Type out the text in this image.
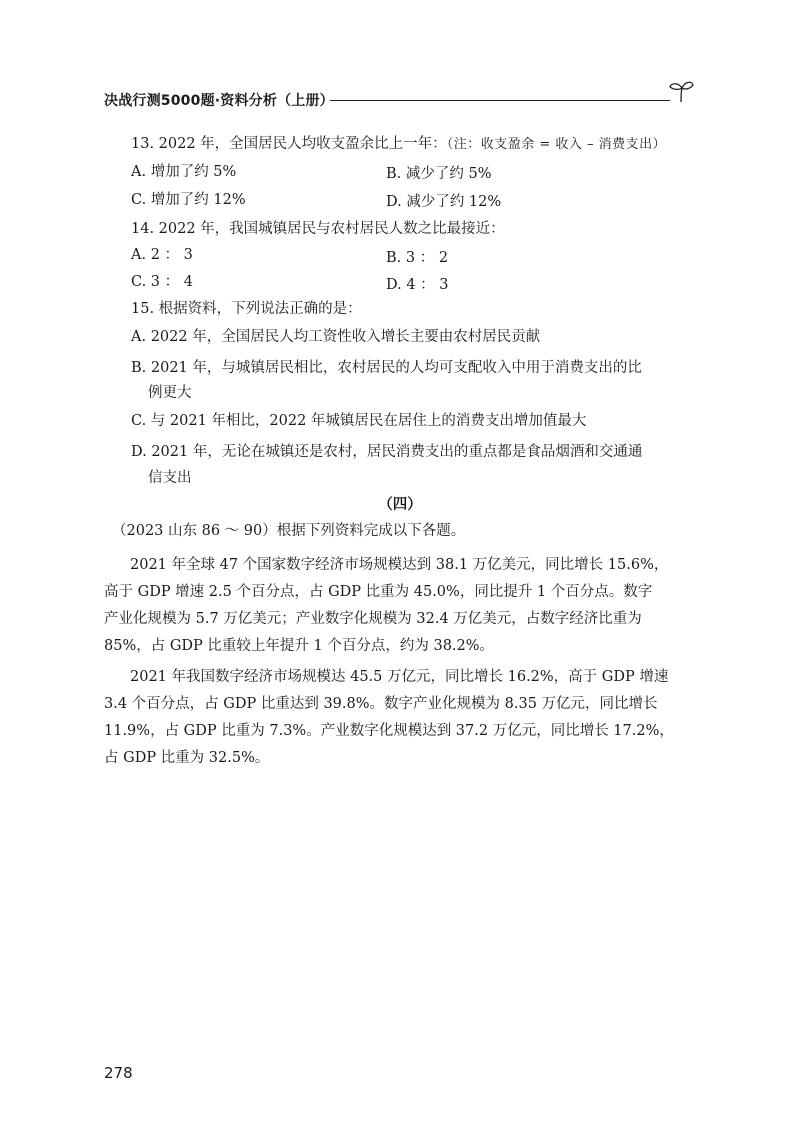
决战行测5000题·资料分析（上册）
13. 2022 年，全国居民人均收支盈余比上一年：（注：收支盈余 = 收入 – 消费支出）
A. 增加了约 5%	B. 减少了约 5%
C. 增加了约 12%	D. 减少了约 12%
14. 2022 年，我国城镇居民与农村居民人数之比最接近：
A. 2 ： 3	B. 3 ： 2
C. 3 ： 4	D. 4 ： 3
15. 根据资料，下列说法正确的是：
A. 2022 年，全国居民人均工资性收入增长主要由农村居民贡献
B. 2021 年，与城镇居民相比，农村居民的人均可支配收入中用于消费支出的比
例更大
C. 与 2021 年相比，2022 年城镇居民在居住上的消费支出增加值最大
D. 2021 年，无论在城镇还是农村，居民消费支出的重点都是食品烟酒和交通通
信支出
（四）
（2023 山东 86 ～ 90）根据下列资料完成以下各题。
2021 年全球 47 个国家数字经济市场规模达到 38.1 万亿美元，同比增长 15.6%，
高于 GDP 增速 2.5 个百分点，占 GDP 比重为 45.0%，同比提升 1 个百分点。数字
产业化规模为 5.7 万亿美元；产业数字化规模为 32.4 万亿美元，占数字经济比重为
85%，占 GDP 比重较上年提升 1 个百分点，约为 38.2%。
2021 年我国数字经济市场规模达 45.5 万亿元，同比增长 16.2%，高于 GDP 增速
3.4 个百分点，占 GDP 比重达到 39.8%。数字产业化规模为 8.35 万亿元，同比增长
11.9%，占 GDP 比重为 7.3%。产业数字化规模达到 37.2 万亿元，同比增长 17.2%，
占 GDP 比重为 32.5%。
278
